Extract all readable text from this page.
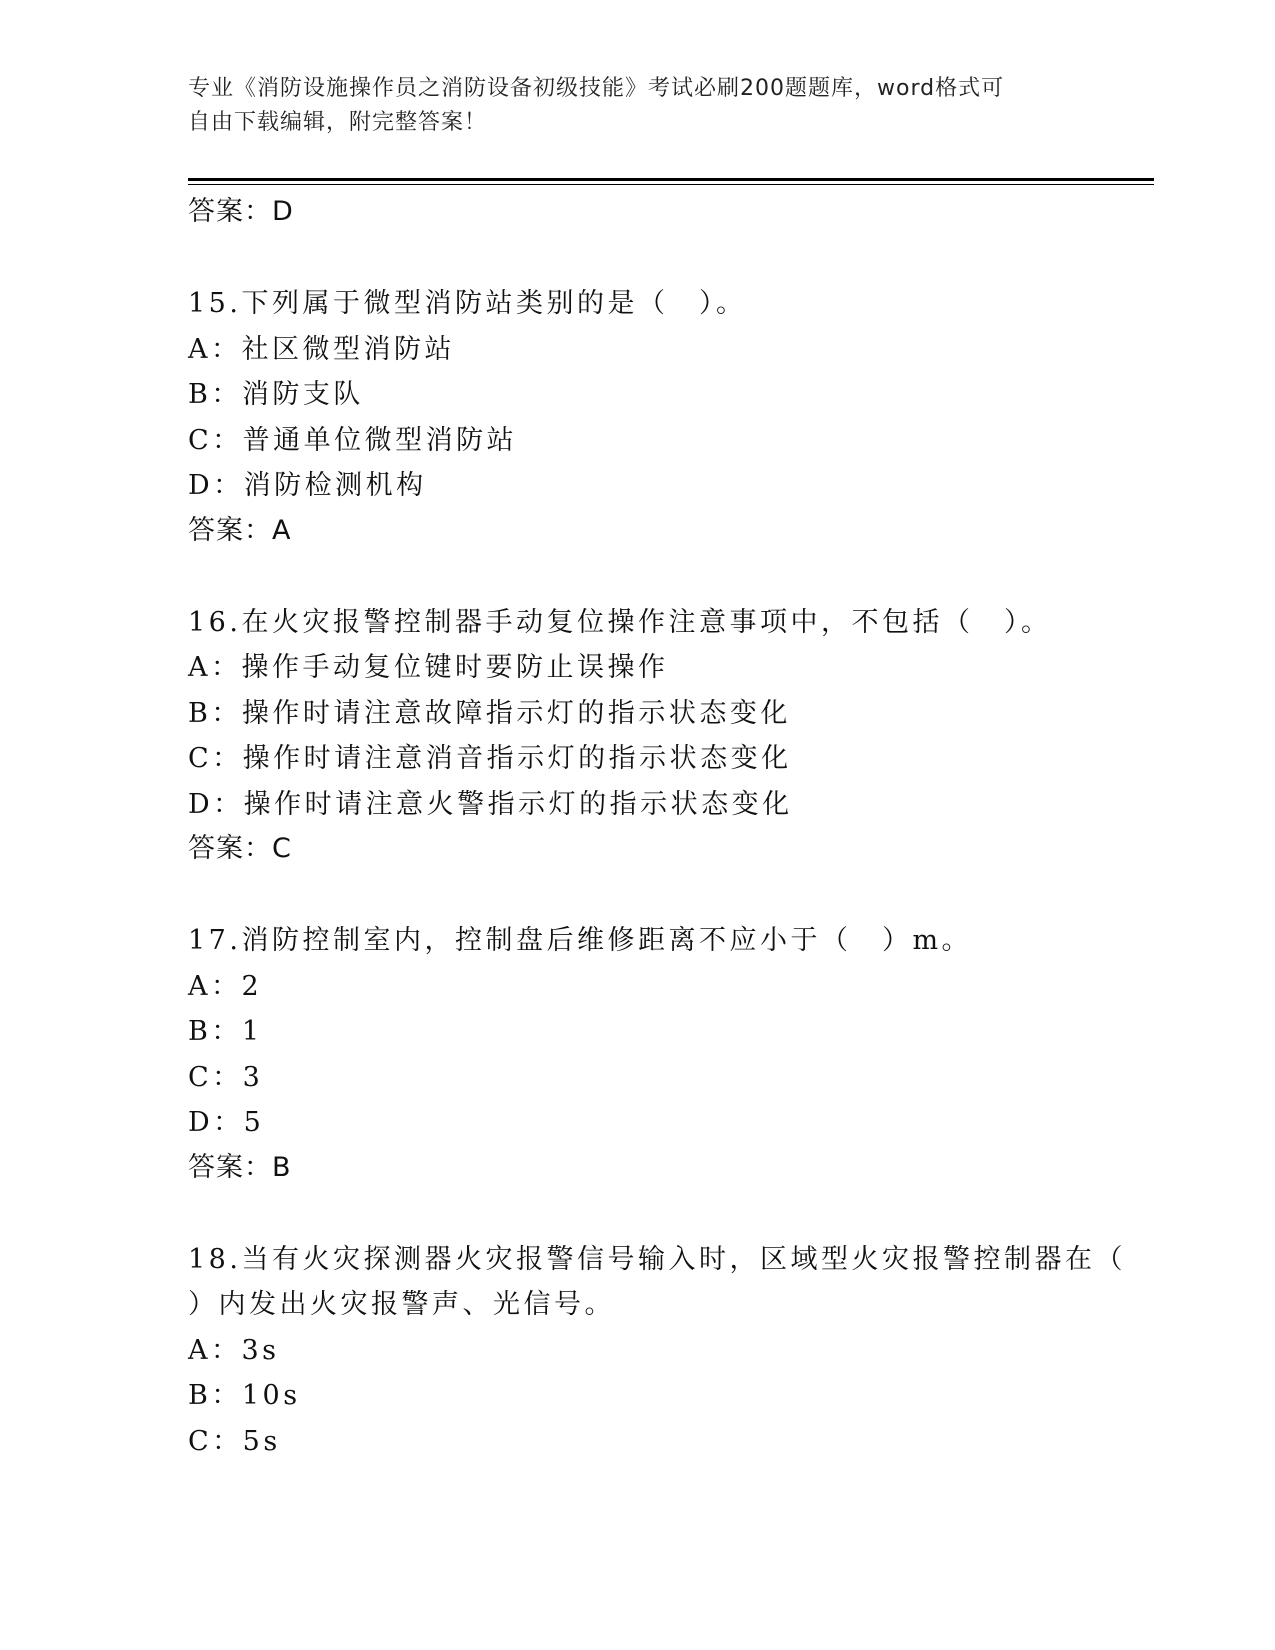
专业《消防设施操作员之消防设备初级技能》考试必刷200题题库，word格式可
自由下载编辑，附完整答案！
答案：D
15.下列属于微型消防站类别的是（　）。
A：社区微型消防站
B：消防支队
C：普通单位微型消防站
D：消防检测机构
答案：A
16.在火灾报警控制器手动复位操作注意事项中，不包括（　）。
A：操作手动复位键时要防止误操作
B：操作时请注意故障指示灯的指示状态变化
C：操作时请注意消音指示灯的指示状态变化
D：操作时请注意火警指示灯的指示状态变化
答案：C
17.消防控制室内，控制盘后维修距离不应小于（　）m。
A：2
B：1
C：3
D：5
答案：B
18.当有火灾探测器火灾报警信号输入时，区域型火灾报警控制器在（
）内发出火灾报警声、光信号。
A：3s
B：10s
C：5s
